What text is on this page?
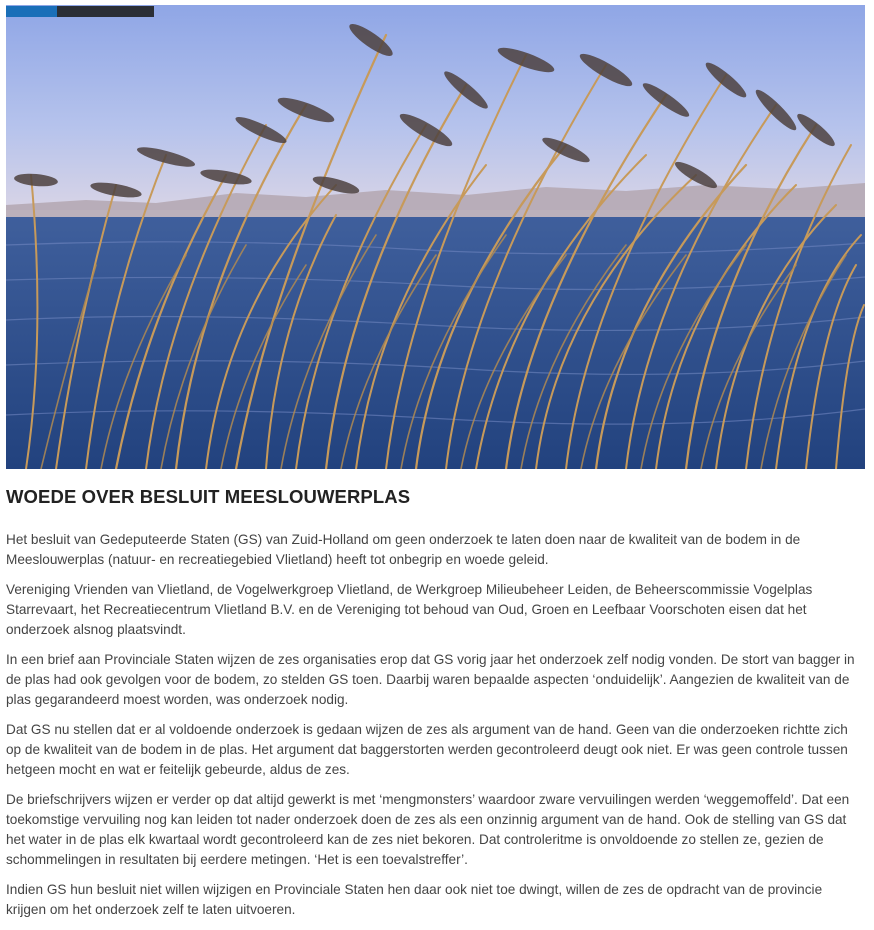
WOEDE OVER BESLUIT MEESLOUWERPLAS

Het besluit van Gedeputeerde Staten (GS) van Zuid-Holland om geen onderzoek te laten doen naar de kwaliteit van de bodem in de Meeslouwerplas (natuur- en recreatiegebied Vlietland) heeft tot onbegrip en woede geleid.

Vereniging Vrienden van Vlietland, de Vogelwerkgroep Vlietland, de Werkgroep Milieubeheer Leiden, de Beheerscommissie Vogelplas Starrevaart, het Recreatiecentrum Vlietland B.V. en de Vereniging tot behoud van Oud, Groen en Leefbaar Voorschoten eisen dat het onderzoek alsnog plaatsvindt.

In een brief aan Provinciale Staten wijzen de zes organisaties erop dat GS vorig jaar het onderzoek zelf nodig vonden. De stort van bagger in de plas had ook gevolgen voor de bodem, zo stelden GS toen. Daarbij waren bepaalde aspecten ‘onduidelijk’. Aangezien de kwaliteit van de plas gegarandeerd moest worden, was onderzoek nodig.

Dat GS nu stellen dat er al voldoende onderzoek is gedaan wijzen de zes als argument van de hand. Geen van die onderzoeken richtte zich op de kwaliteit van de bodem in de plas. Het argument dat baggerstorten werden gecontroleerd deugt ook niet. Er was geen controle tussen hetgeen mocht en wat er feitelijk gebeurde, aldus de zes.

De briefschrijvers wijzen er verder op dat altijd gewerkt is met ‘mengmonsters’ waardoor zware vervuilingen werden ‘weggemoffeld’. Dat een toekomstige vervuiling nog kan leiden tot nader onderzoek doen de zes als een onzinnig argument van de hand. Ook de stelling van GS dat het water in de plas elk kwartaal wordt gecontroleerd kan de zes niet bekoren. Dat controleritme is onvoldoende zo stellen ze, gezien de schommelingen in resultaten bij eerdere metingen. ‘Het is een toevalstreffer’.

Indien GS hun besluit niet willen wijzigen en Provinciale Staten hen daar ook niet toe dwingt, willen de zes de opdracht van de provincie krijgen om het onderzoek zelf te laten uitvoeren.
